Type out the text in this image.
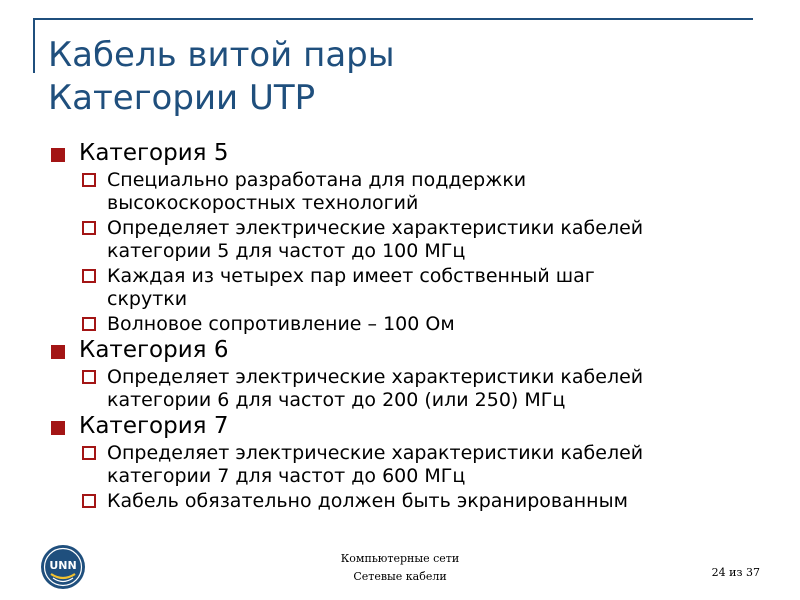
Кабель витой пары
Категории UTP
Категория 5
Специально разработана для поддержки
высокоскоростных технологий
Определяет электрические характеристики кабелей
категории 5 для частот до 100 МГц
Каждая из четырех пар имеет собственный шаг
скрутки
Волновое сопротивление – 100 Ом
Категория 6
Определяет электрические характеристики кабелей
категории 6 для частот до 200 (или 250) МГц
Категория 7
Определяет электрические характеристики кабелей
категории 7 для частот до 600 МГц
Кабель обязательно должен быть экранированным
UNN
Компьютерные сети
Сетевые кабели	24 из 37
